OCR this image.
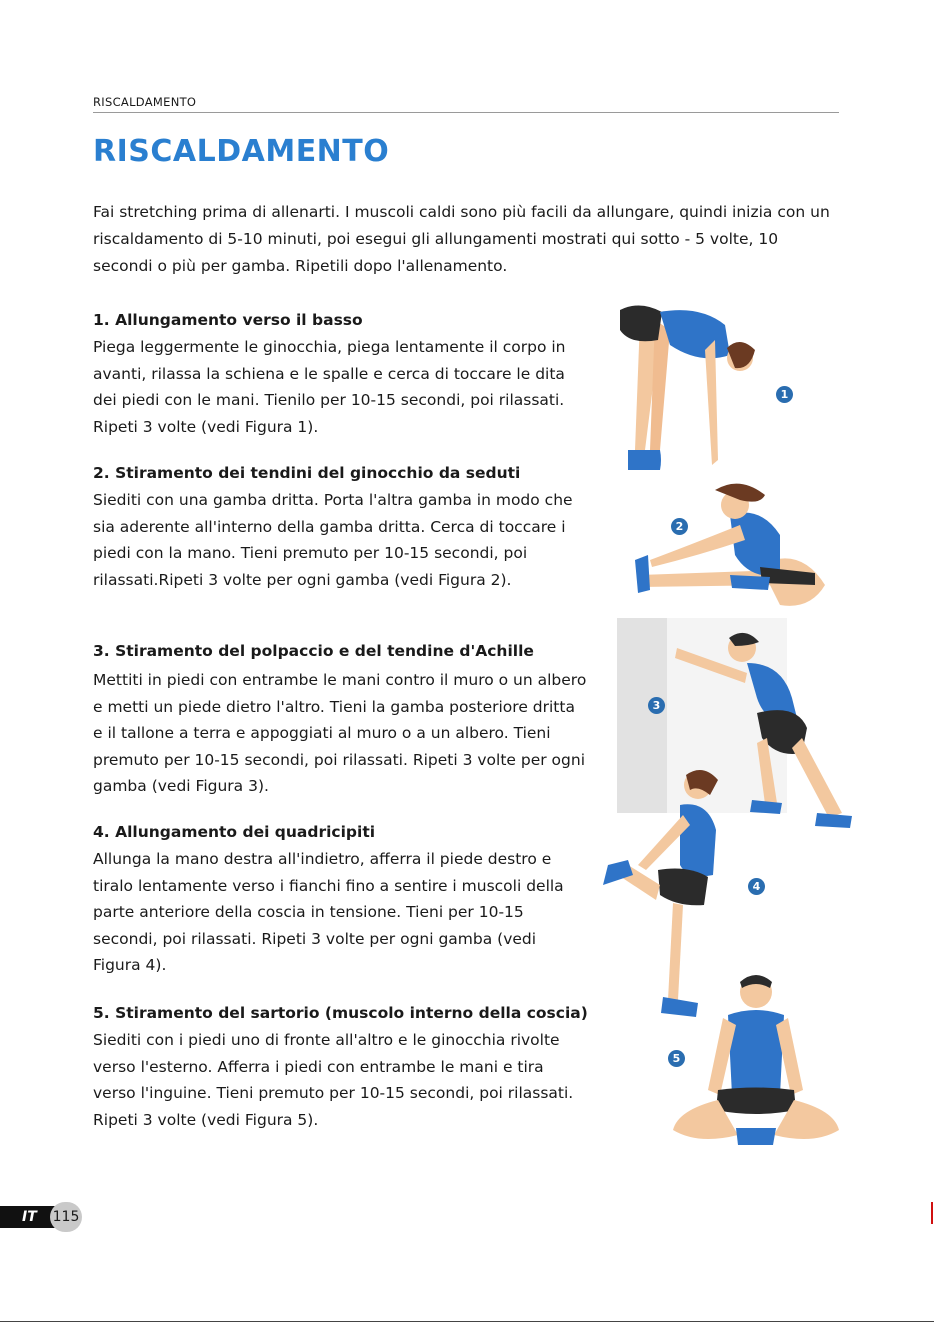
RISCALDAMENTO
RISCALDAMENTO

Fai stretching prima di allenarti. I muscoli caldi sono più facili da allungare, quindi inizia con un riscaldamento di 5-10 minuti, poi esegui gli allungamenti mostrati qui sotto - 5 volte, 10 secondi o più per gamba. Ripetili dopo l'allenamento.

1. Allungamento verso il basso

Piega leggermente le ginocchia, piega lentamente il corpo in avanti, rilassa la schiena e le spalle e cerca di toccare le dita dei piedi con le mani. Tienilo per 10-15 secondi, poi rilassati. Ripeti 3 volte (vedi Figura 1).

2. Stiramento dei tendini del ginocchio da seduti

Siediti con una gamba dritta. Porta l'altra gamba in modo che sia aderente all'interno della gamba dritta. Cerca di toccare i piedi con la mano. Tieni premuto per 10-15 secondi, poi rilassati.Ripeti 3 volte per ogni gamba (vedi Figura 2).

3. Stiramento del polpaccio e del tendine d'Achille

Mettiti in piedi con entrambe le mani contro il muro o un albero e metti un piede dietro l'altro. Tieni la gamba posteriore dritta e il tallone a terra e appoggiati al muro o a un albero. Tieni premuto per 10-15 secondi, poi rilassati. Ripeti 3 volte per ogni gamba (vedi Figura 3).

4. Allungamento dei quadricipiti

Allunga la mano destra all'indietro, afferra il piede destro e tiralo lentamente verso i fianchi fino a sentire i muscoli della parte anteriore della coscia in tensione. Tieni per 10-15 secondi, poi rilassati. Ripeti 3 volte per ogni gamba (vedi Figura 4).

5. Stiramento del sartorio (muscolo interno della coscia)

Siediti con i piedi uno di fronte all'altro e le ginocchia rivolte verso l'esterno. Afferra i piedi con entrambe le mani e tira verso l'inguine. Tieni premuto per 10-15 secondi, poi rilassati. Ripeti 3 volte (vedi Figura 5).

1
2
3
4
5
IT	115
